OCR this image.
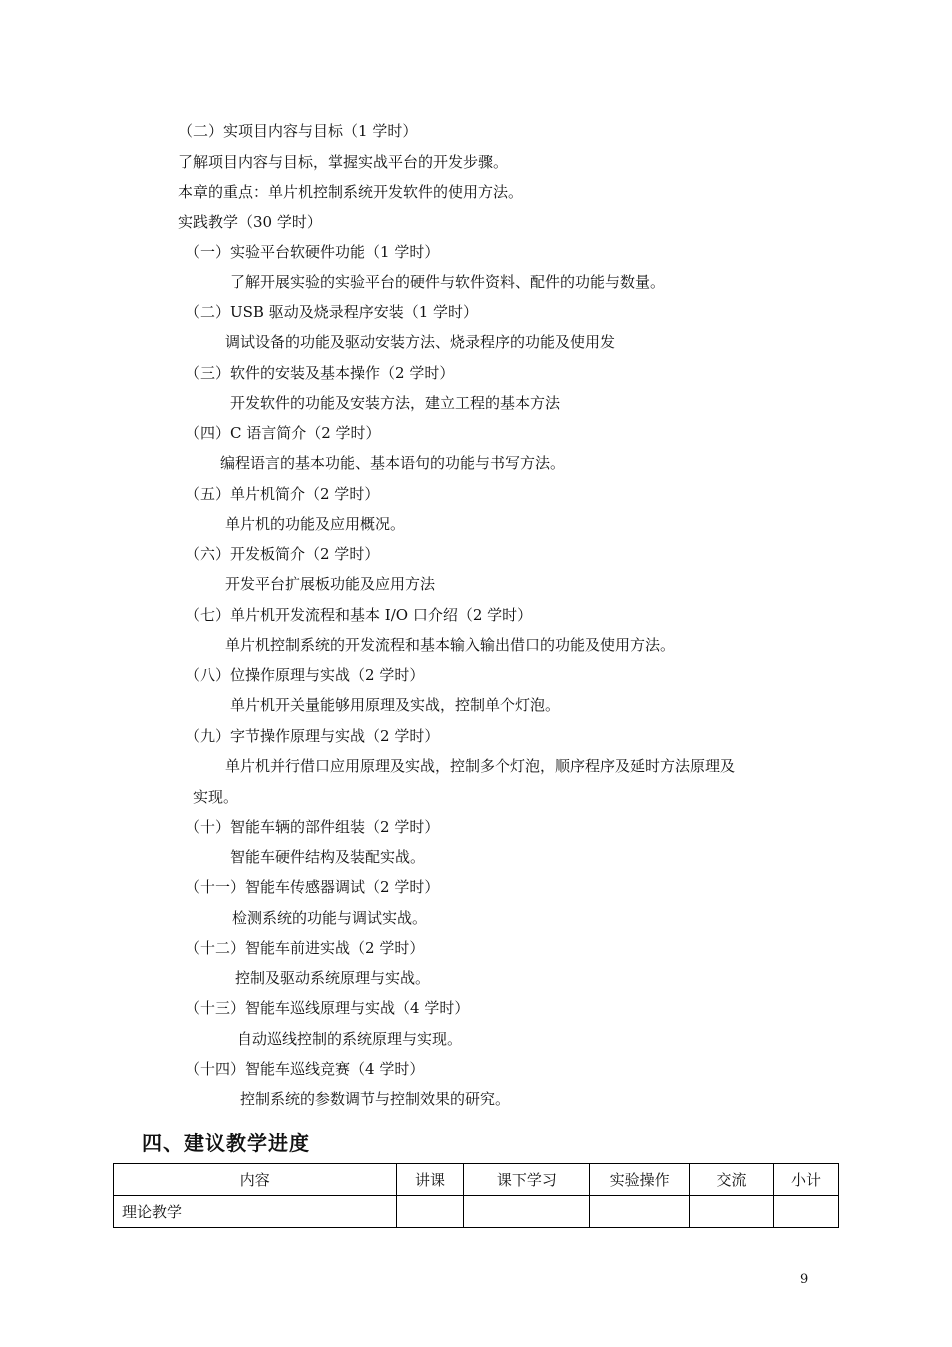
（二）实项目内容与目标（1 学时）
了解项目内容与目标，掌握实战平台的开发步骤。
本章的重点：单片机控制系统开发软件的使用方法。
实践教学（30 学时）
（一）实验平台软硬件功能（1 学时）
了解开展实验的实验平台的硬件与软件资料、配件的功能与数量。
（二）USB 驱动及烧录程序安装（1 学时）
调试设备的功能及驱动安装方法、烧录程序的功能及使用发
（三）软件的安装及基本操作（2 学时）
开发软件的功能及安装方法，建立工程的基本方法
（四）C 语言简介（2 学时）
编程语言的基本功能、基本语句的功能与书写方法。
（五）单片机简介（2 学时）
单片机的功能及应用概况。
（六）开发板简介（2 学时）
开发平台扩展板功能及应用方法
（七）单片机开发流程和基本 I/O 口介绍（2 学时）
单片机控制系统的开发流程和基本输入输出借口的功能及使用方法。
（八）位操作原理与实战（2 学时）
单片机开关量能够用原理及实战，控制单个灯泡。
（九）字节操作原理与实战（2 学时）
单片机并行借口应用原理及实战，控制多个灯泡，顺序程序及延时方法原理及
实现。
（十）智能车辆的部件组装（2 学时）
智能车硬件结构及装配实战。
（十一）智能车传感器调试（2 学时）
检测系统的功能与调试实战。
（十二）智能车前进实战（2 学时）
控制及驱动系统原理与实战。
（十三）智能车巡线原理与实战（4 学时）
自动巡线控制的系统原理与实现。
（十四）智能车巡线竞赛（4 学时）
控制系统的参数调节与控制效果的研究。
四、建议教学进度
内容	讲课	课下学习	实验操作	交流	小计
理论教学					
9
